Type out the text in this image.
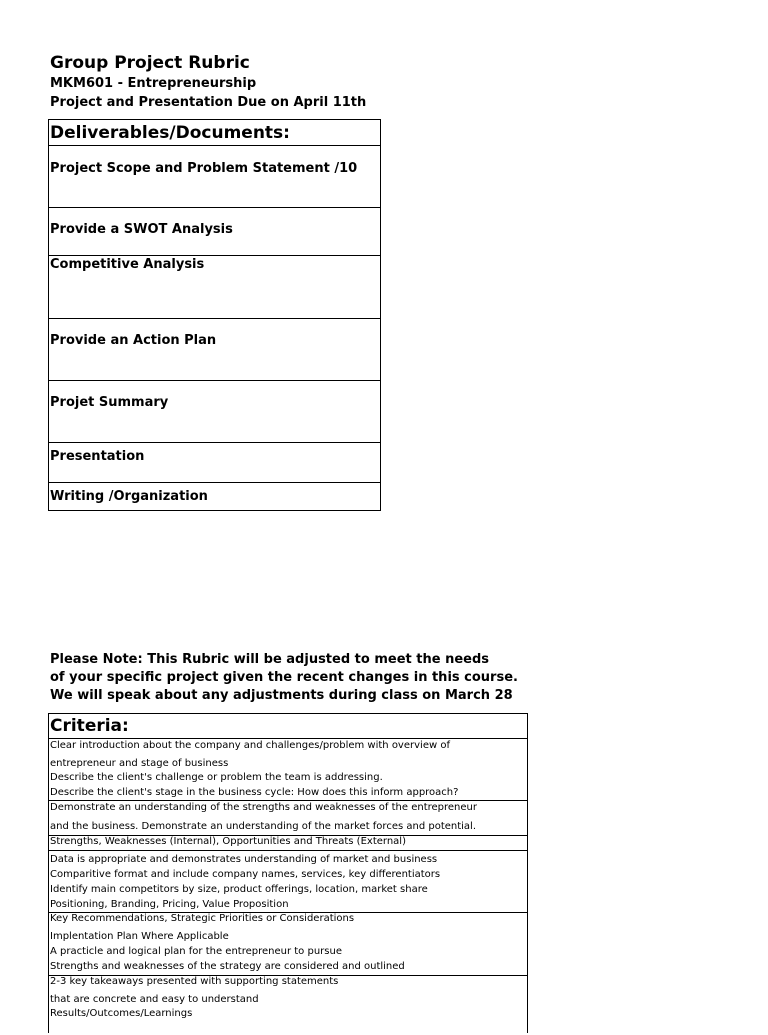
Group Project Rubric
MKM601 - Entrepreneurship
Project and Presentation Due on April 11th
Deliverables/Documents:
Project Scope and Problem Statement /10
Provide a SWOT Analysis
Competitive Analysis
Provide an Action Plan
Projet Summary
Presentation
Writing /Organization
Please Note: This Rubric will be adjusted to meet the needs
of your specific project given the recent changes in this course.
We will speak about any adjustments during class on March 28
Criteria:
Clear introduction about the company and challenges/problem with overview of
entrepreneur and stage of business
Describe the client's challenge or problem the team is addressing.
Describe the client's stage in the business cycle: How does this inform approach?
Demonstrate an understanding of the strengths and weaknesses of the entrepreneur
and the business. Demonstrate an understanding of the market forces and potential.
Strengths, Weaknesses (Internal), Opportunities and Threats (External)
Data is appropriate and demonstrates understanding of market and business
Comparitive format and include company names, services, key differentiators
Identify main competitors by size, product offerings, location, market share
Positioning, Branding, Pricing, Value Proposition
Key Recommendations, Strategic Priorities or Considerations
Implentation Plan Where Applicable
A practicle and logical plan for the entrepreneur to pursue
Strengths and weaknesses of the strategy are considered and outlined
2-3 key takeaways presented with supporting statements
that are concrete and easy to understand
Results/Outcomes/Learnings
